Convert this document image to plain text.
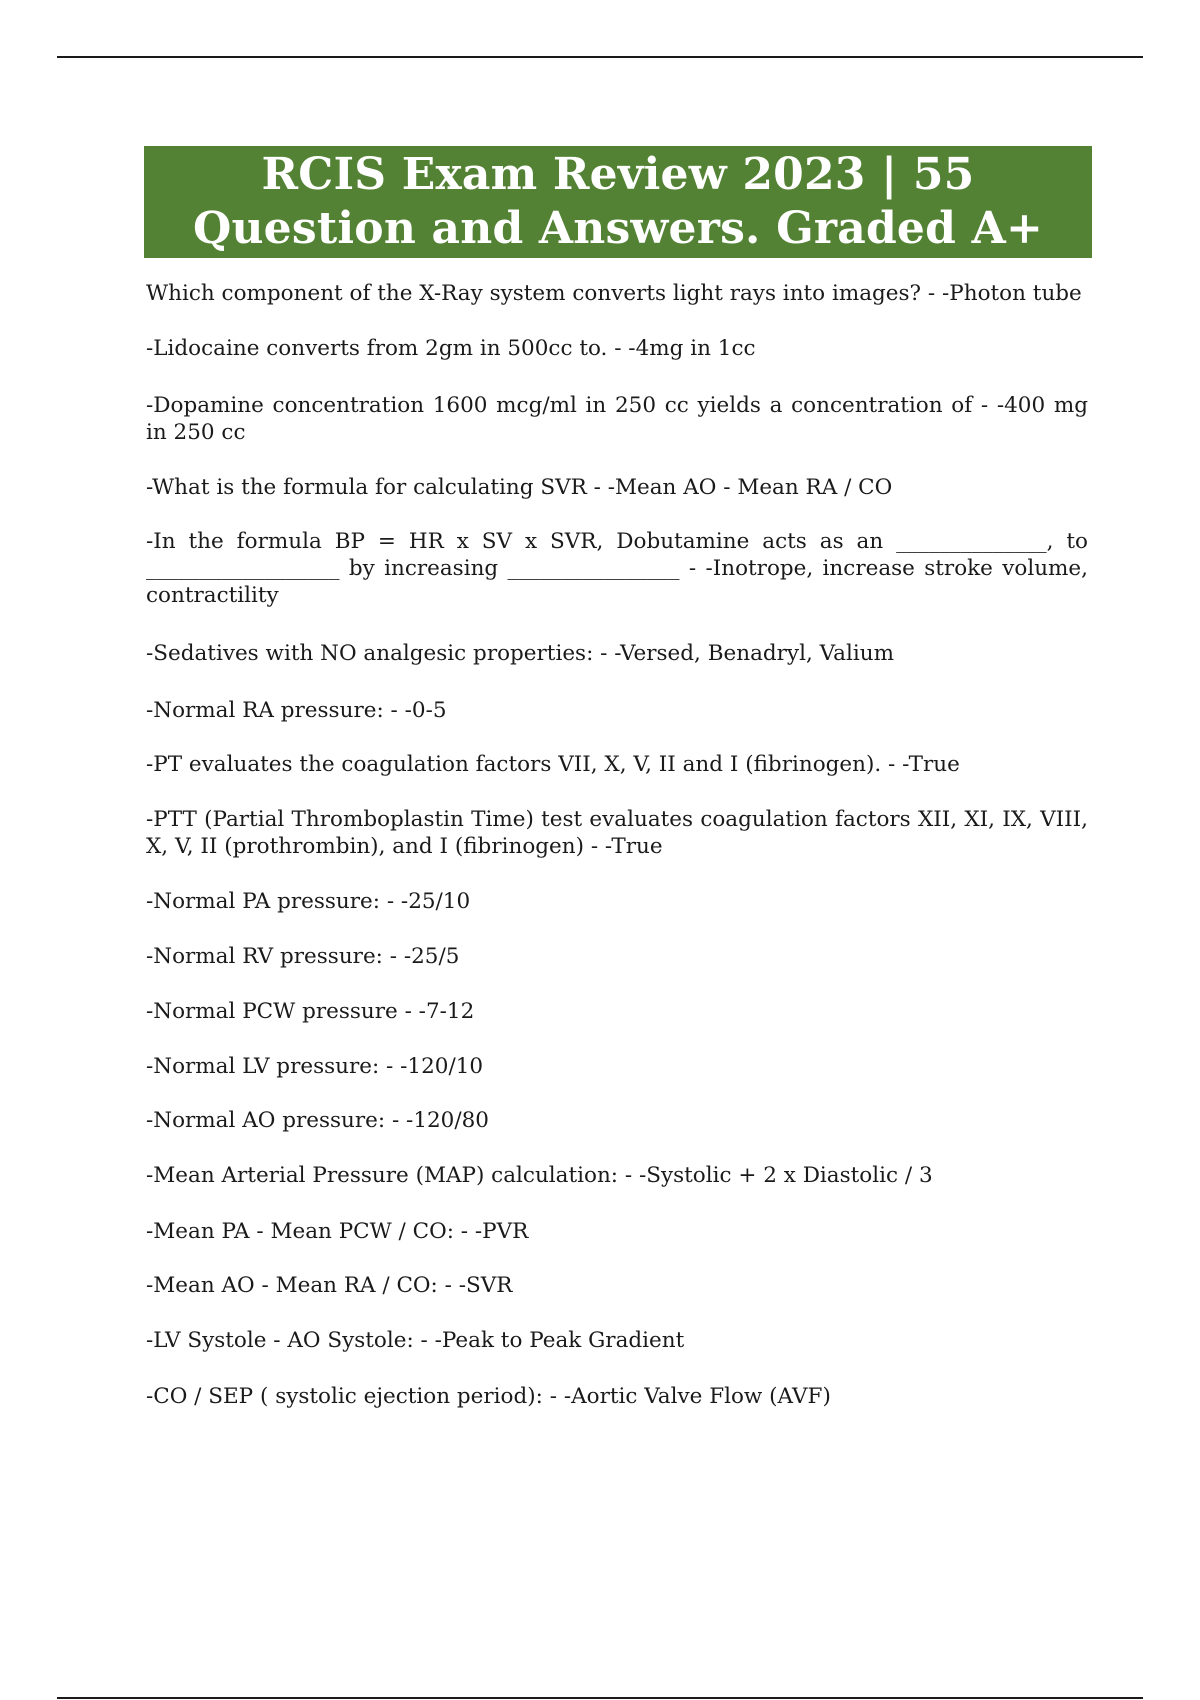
RCIS Exam Review 2023 | 55
Question and Answers. Graded A+

Which component of the X-Ray system converts light rays into images? - -Photon tube

-Lidocaine converts from 2gm in 500cc to. - -4mg in 1cc

-Dopamine concentration 1600 mcg/ml in 250 cc yields a concentration of - -400 mg in 250 cc

-What is the formula for calculating SVR - -Mean AO - Mean RA / CO

-In the formula BP = HR x SV x SVR, Dobutamine acts as an ______________, to __________________ by increasing ________________ - -Inotrope, increase stroke volume, contractility

-Sedatives with NO analgesic properties: - -Versed, Benadryl, Valium

-Normal RA pressure: - -0-5

-PT evaluates the coagulation factors VII, X, V, II and I (fibrinogen). - -True

-PTT (Partial Thromboplastin Time) test evaluates coagulation factors XII, XI, IX, VIII, X, V, II (prothrombin), and I (fibrinogen) - -True

-Normal PA pressure: - -25/10

-Normal RV pressure: - -25/5

-Normal PCW pressure - -7-12

-Normal LV pressure: - -120/10

-Normal AO pressure: - -120/80

-Mean Arterial Pressure (MAP) calculation: - -Systolic + 2 x Diastolic / 3

-Mean PA - Mean PCW / CO: - -PVR

-Mean AO - Mean RA / CO: - -SVR

-LV Systole - AO Systole: - -Peak to Peak Gradient

-CO / SEP ( systolic ejection period): - -Aortic Valve Flow (AVF)
